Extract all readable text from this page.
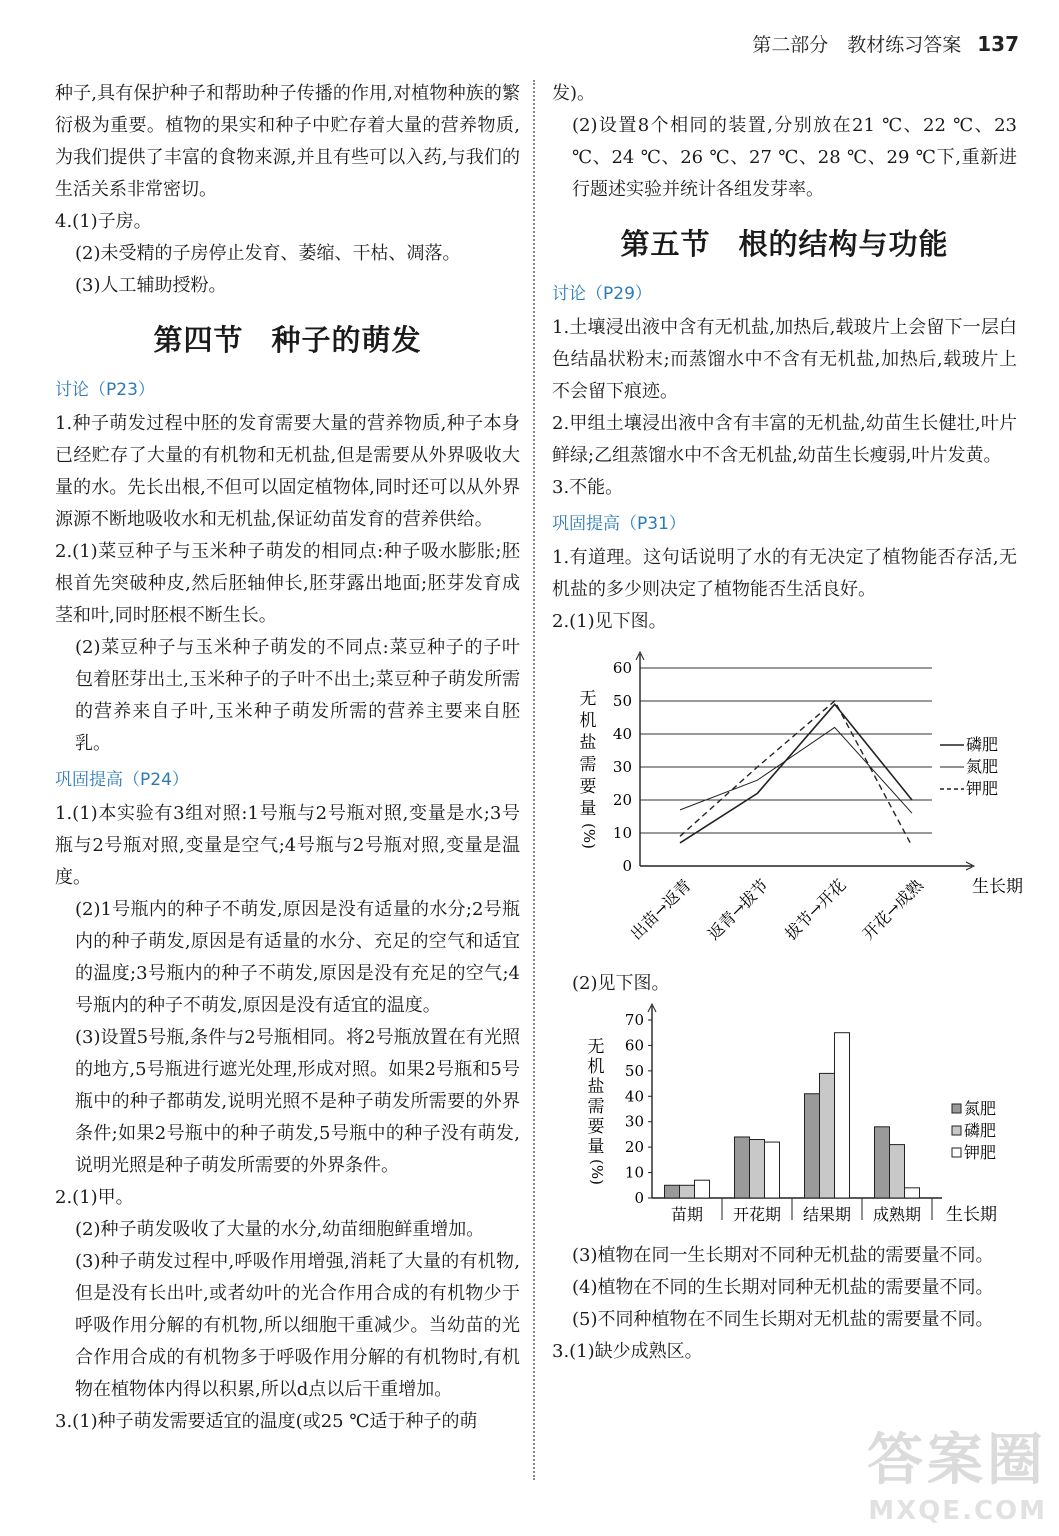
第二部分　教材练习答案 137

种子,具有保护种子和帮助种子传播的作用,对植物种族的繁衍极为重要。植物的果实和种子中贮存着大量的营养物质,为我们提供了丰富的食物来源,并且有些可以入药,与我们的生活关系非常密切。

4.(1)子房。

(2)未受精的子房停止发育、萎缩、干枯、凋落。

(3)人工辅助授粉。

第四节 种子的萌发
讨论（P23）

1.种子萌发过程中胚的发育需要大量的营养物质,种子本身已经贮存了大量的有机物和无机盐,但是需要从外界吸收大量的水。先长出根,不但可以固定植物体,同时还可以从外界源源不断地吸收水和无机盐,保证幼苗发育的营养供给。

2.(1)菜豆种子与玉米种子萌发的相同点:种子吸水膨胀;胚根首先突破种皮,然后胚轴伸长,胚芽露出地面;胚芽发育成茎和叶,同时胚根不断生长。

(2)菜豆种子与玉米种子萌发的不同点:菜豆种子的子叶包着胚芽出土,玉米种子的子叶不出土;菜豆种子萌发所需的营养来自子叶,玉米种子萌发所需的营养主要来自胚乳。

巩固提高（P24）

1.(1)本实验有3组对照:1号瓶与2号瓶对照,变量是水;3号瓶与2号瓶对照,变量是空气;4号瓶与2号瓶对照,变量是温度。

(2)1号瓶内的种子不萌发,原因是没有适量的水分;2号瓶内的种子萌发,原因是有适量的水分、充足的空气和适宜的温度;3号瓶内的种子不萌发,原因是没有充足的空气;4号瓶内的种子不萌发,原因是没有适宜的温度。

(3)设置5号瓶,条件与2号瓶相同。将2号瓶放置在有光照的地方,5号瓶进行遮光处理,形成对照。如果2号瓶和5号瓶中的种子都萌发,说明光照不是种子萌发所需要的外界条件;如果2号瓶中的种子萌发,5号瓶中的种子没有萌发,说明光照是种子萌发所需要的外界条件。

2.(1)甲。

(2)种子萌发吸收了大量的水分,幼苗细胞鲜重增加。

(3)种子萌发过程中,呼吸作用增强,消耗了大量的有机物,但是没有长出叶,或者幼叶的光合作用合成的有机物少于呼吸作用分解的有机物,所以细胞干重减少。当幼苗的光合作用合成的有机物多于呼吸作用分解的有机物时,有机物在植物体内得以积累,所以d点以后干重增加。

3.(1)种子萌发需要适宜的温度(或25 ℃适于种子的萌

发)。

(2)设置8个相同的装置,分别放在21 ℃、22 ℃、23 ℃、24 ℃、26 ℃、27 ℃、28 ℃、29 ℃下,重新进行题述实验并统计各组发芽率。

第五节 根的结构与功能
讨论（P29）

1.土壤浸出液中含有无机盐,加热后,载玻片上会留下一层白色结晶状粉末;而蒸馏水中不含有无机盐,加热后,载玻片上不会留下痕迹。

2.甲组土壤浸出液中含有丰富的无机盐,幼苗生长健壮,叶片鲜绿;乙组蒸馏水中不含无机盐,幼苗生长瘦弱,叶片发黄。

3.不能。

巩固提高（P31）

1.有道理。这句话说明了水的有无决定了植物能否存活,无机盐的多少则决定了植物能否生活良好。

2.(1)见下图。

0
10
20
30
40
50
60
无
机
盐
需
要
量
(%)
生长期
出苗→返青 返青→拔节 拔节→开花 开花→成熟
磷肥
氮肥
钾肥

(2)见下图。

0
10
20
30
40
50
60
70
无
机
盐
需
要
量
(%)
苗期 开花期 结果期 成熟期 生长期
氮肥
磷肥
钾肥

(3)植物在同一生长期对不同种无机盐的需要量不同。

(4)植物在不同的生长期对同种无机盐的需要量不同。

(5)不同种植物在不同生长期对无机盐的需要量不同。

3.(1)缺少成熟区。

答案圈
MXQE.COM
